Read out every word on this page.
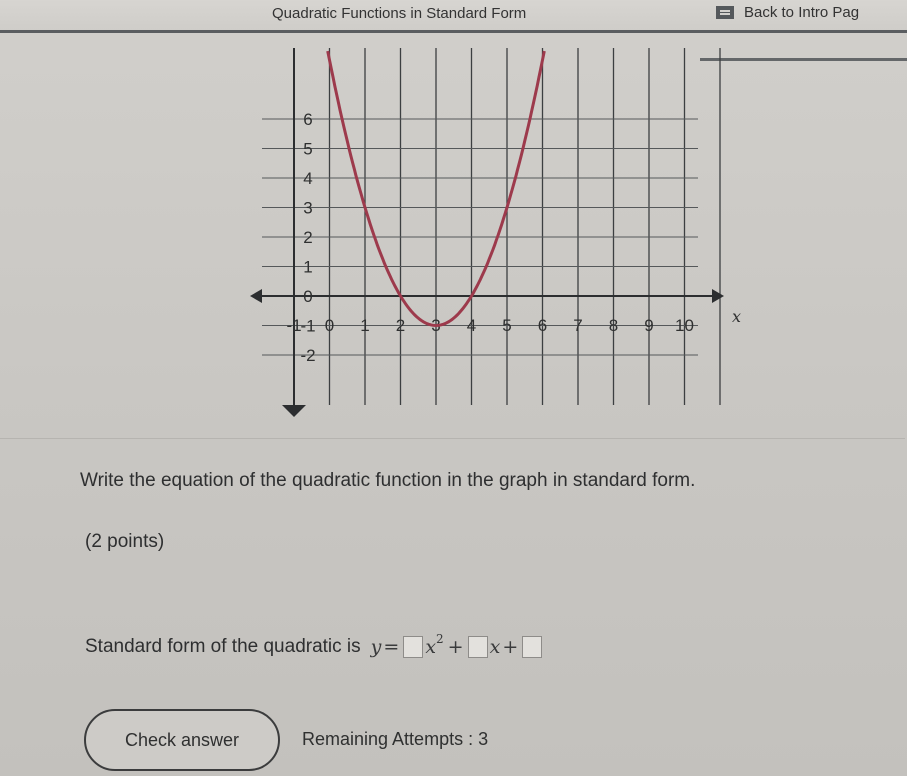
Quadratic Functions in Standard Form	Back to Intro Pag
6
5
4
3
2
1
0
-1
-2
-1 0 1 2 3 4 5 6 7 8 9 10 x
Write the equation of the quadratic function in the graph in standard form.
(2 points)
Standard form of the quadratic is $y = x^2 + x$ +
Check answer	Remaining Attempts : 3
